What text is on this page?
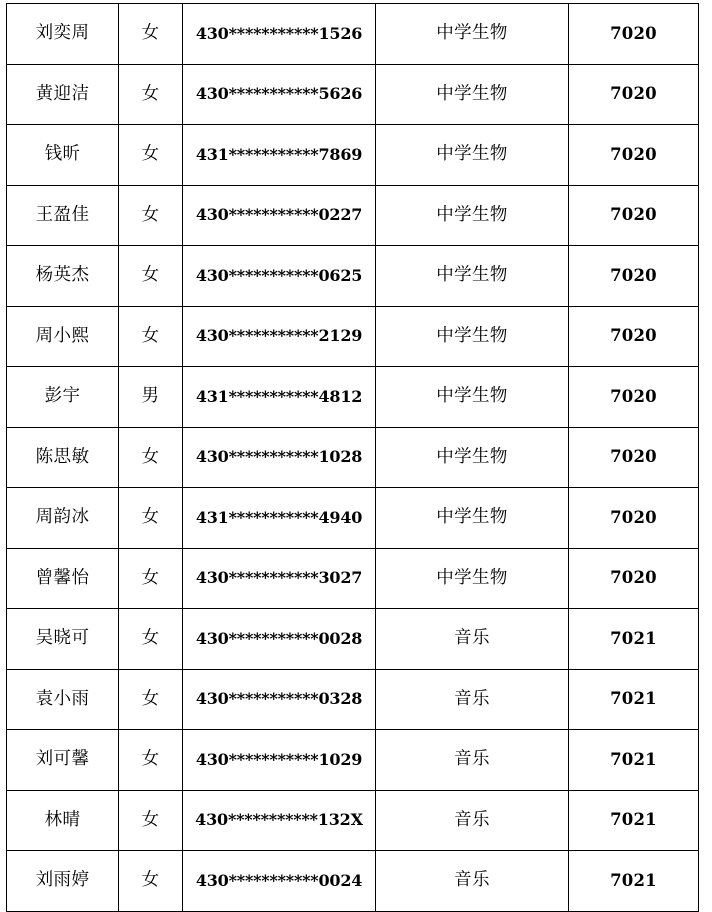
刘奕周	女	430***********1526	中学生物	7020
黄迎洁	女	430***********5626	中学生物	7020
钱昕	女	431***********7869	中学生物	7020
王盈佳	女	430***********0227	中学生物	7020
杨英杰	女	430***********0625	中学生物	7020
周小熙	女	430***********2129	中学生物	7020
彭宇	男	431***********4812	中学生物	7020
陈思敏	女	430***********1028	中学生物	7020
周韵冰	女	431***********4940	中学生物	7020
曾馨怡	女	430***********3027	中学生物	7020
吴晓可	女	430***********0028	音乐	7021
袁小雨	女	430***********0328	音乐	7021
刘可馨	女	430***********1029	音乐	7021
林晴	女	430***********132X	音乐	7021
刘雨婷	女	430***********0024	音乐	7021
